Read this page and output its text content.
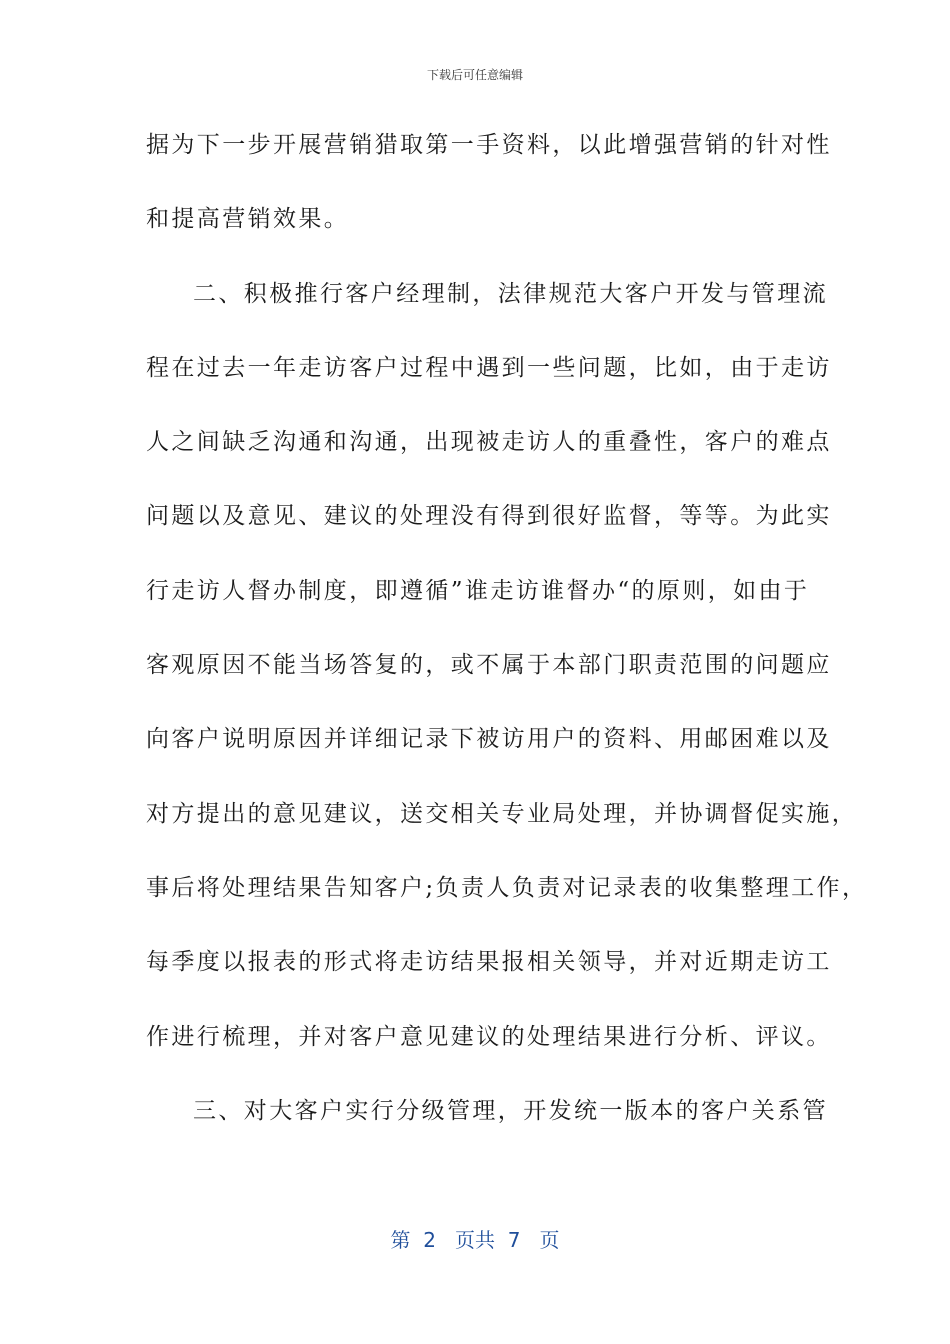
下载后可任意编辑
据为下一步开展营销猎取第一手资料，以此增强营销的针对性
和提高营销效果。
二、积极推行客户经理制，法律规范大客户开发与管理流
程在过去一年走访客户过程中遇到一些问题，比如，由于走访
人之间缺乏沟通和沟通，出现被走访人的重叠性，客户的难点
问题以及意见、建议的处理没有得到很好监督，等等。为此实
行走访人督办制度，即遵循”谁走访谁督办“的原则，如由于
客观原因不能当场答复的，或不属于本部门职责范围的问题应
向客户说明原因并详细记录下被访用户的资料、用邮困难以及
对方提出的意见建议，送交相关专业局处理，并协调督促实施，
事后将处理结果告知客户;负责人负责对记录表的收集整理工作，
每季度以报表的形式将走访结果报相关领导，并对近期走访工
作进行梳理，并对客户意见建议的处理结果进行分析、评议。
三、对大客户实行分级管理，开发统一版本的客户关系管
第  2   页共  7   页
